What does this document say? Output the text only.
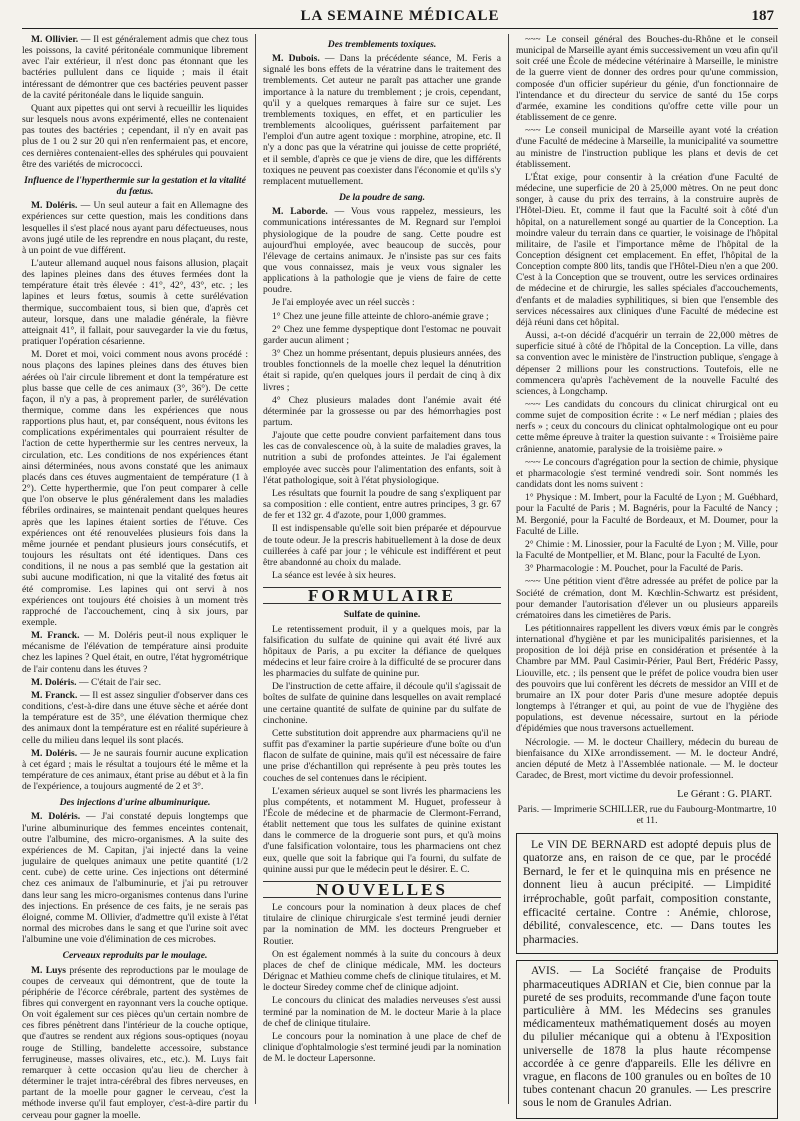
LA SEMAINE MÉDICALE	187

M. Ollivier. — Il est généralement admis que chez tous les poissons, la cavité péritonéale communique librement avec l'air extérieur, il n'est donc pas étonnant que les bactéries pullulent dans ce liquide ; mais il était intéressant de démontrer que ces bactéries peuvent passer de la cavité péritonéale dans le liquide sanguin.

Quant aux pipettes qui ont servi à recueillir les liquides sur lesquels nous avons expérimenté, elles ne contenaient pas toutes des bactéries ; cependant, il n'y en avait pas plus de 1 ou 2 sur 20 qui n'en renfermaient pas, et encore, ces dernières contenaient-elles des sphérules qui pouvaient être des variétés de micrococci.

Influence de l'hyperthermie sur la gestation et la vitalité du fœtus.

M. Doléris. — Un seul auteur a fait en Allemagne des expériences sur cette question, mais les conditions dans lesquelles il s'est placé nous ayant paru défectueuses, nous avons jugé utile de les reprendre en nous plaçant, du reste, à un point de vue différent.

L'auteur allemand auquel nous faisons allusion, plaçait des lapines pleines dans des étuves fermées dont la température était très élevée : 41°, 42°, 43°, etc. ; les lapines et leurs fœtus, soumis à cette surélévation thermique, succombaient tous, si bien que, d'après cet auteur, lorsque, dans une maladie générale, la fièvre atteignait 41°, il fallait, pour sauvegarder la vie du fœtus, pratiquer l'opération césarienne.

M. Doret et moi, voici comment nous avons procédé : nous plaçons des lapines pleines dans des étuves bien aérées où l'air circule librement et dont la température est plus basse que celle de ces animaux (3°, 36°). De cette façon, il n'y a pas, à proprement parler, de surélévation thermique, comme dans les expériences que nous rapportions plus haut, et, par conséquent, nous évitons les complications expérimentales qui pourraient résulter de l'action de cette hyperthermie sur les centres nerveux, la circulation, etc. Les conditions de nos expériences étant ainsi déterminées, nous avons constaté que les animaux placés dans ces étuves augmentaient de température (1 à 2°). Cette hyperthermie, que l'on peut comparer à celle que l'on observe le plus généralement dans les maladies fébriles ordinaires, se maintenait pendant quelques heures après que les lapines étaient sorties de l'étuve. Ces expériences ont été renouvelées plusieurs fois dans la même journée et pendant plusieurs jours consécutifs, et toujours les résultats ont été identiques. Dans ces conditions, il ne nous a pas semblé que la gestation ait subi aucune modification, ni que la vitalité des fœtus ait été compromise. Les lapines qui ont servi à nos expériences ont toujours été choisies à un moment très rapproché de l'accouchement, cinq à six jours, par exemple.

M. Franck. — M. Doléris peut-il nous expliquer le mécanisme de l'élévation de température ainsi produite chez les lapines ? Quel était, en outre, l'état hygrométrique de l'air contenu dans les étuves ?

M. Doléris. — C'était de l'air sec.

M. Franck. — Il est assez singulier d'observer dans ces conditions, c'est-à-dire dans une étuve sèche et aérée dont la température est de 35°, une élévation thermique chez des animaux dont la température est en réalité supérieure à celle du milieu dans lequel ils sont placés.

M. Doléris. — Je ne saurais fournir aucune explication à cet égard ; mais le résultat a toujours été le même et la température de ces animaux, étant prise au début et à la fin de l'expérience, a toujours augmenté de 2 et 3°.

Des injections d'urine albuminurique.

M. Doléris. — J'ai constaté depuis longtemps que l'urine albuminurique des femmes enceintes contenait, outre l'albumine, des micro-organismes. A la suite des expériences de M. Capitan, j'ai injecté dans la veine jugulaire de quelques animaux une petite quantité (1/2 cent. cube) de cette urine. Ces injections ont déterminé chez ces animaux de l'albuminurie, et j'ai pu retrouver dans leur sang les micro-organismes contenus dans l'urine des injections. En présence de ces faits, je ne serais pas éloigné, comme M. Ollivier, d'admettre qu'il existe à l'état normal des microbes dans le sang et que l'urine soit avec l'albumine une voie d'élimination de ces microbes.

Cerveaux reproduits par le moulage.

M. Luys présente des reproductions par le moulage de coupes de cerveaux qui démontrent, que de toute la périphérie de l'écorce cérébrale, partent des systèmes de fibres qui convergent en rayonnant vers la couche optique. On voit également sur ces pièces qu'un certain nombre de ces fibres pénètrent dans l'intérieur de la couche optique, que d'autres se rendent aux régions sous-optiques (noyau rouge de Stilling, bandelette accessoire, substance ferrugineuse, masses olivaires, etc., etc.). M. Luys fait remarquer à cette occasion qu'au lieu de chercher à déterminer le trajet intra-cérébral des fibres nerveuses, en partant de la moelle pour gagner le cerveau, c'est la méthode inverse qu'il faut employer, c'est-à-dire partir du cerveau pour gagner la moelle.

Des tremblements toxiques.

M. Dubois. — Dans la précédente séance, M. Feris a signalé les bons effets de la vératrine dans le traitement des tremblements. Cet auteur ne paraît pas attacher une grande importance à la nature du tremblement ; je crois, cependant, qu'il y a quelques remarques à faire sur ce sujet. Les tremblements toxiques, en effet, et en particulier les tremblements alcooliques, guérissent parfaitement par l'emploi d'un autre agent toxique : morphine, atropine, etc. Il n'y a donc pas que la vératrine qui jouisse de cette propriété, et il semble, d'après ce que je viens de dire, que les différents toxiques ne peuvent pas coexister dans l'économie et qu'ils s'y remplacent mutuellement.

De la poudre de sang.

M. Laborde. — Vous vous rappelez, messieurs, les communications intéressantes de M. Regnard sur l'emploi physiologique de la poudre de sang. Cette poudre est aujourd'hui employée, avec beaucoup de succès, pour l'élevage de certains animaux. Je n'insiste pas sur ces faits que vous connaissez, mais je veux vous signaler les applications à la pathologie que je viens de faire de cette poudre.

Je l'ai employée avec un réel succès :

1° Chez une jeune fille atteinte de chloro-anémie grave ;

2° Chez une femme dyspeptique dont l'estomac ne pouvait garder aucun aliment ;

3° Chez un homme présentant, depuis plusieurs années, des troubles fonctionnels de la moelle chez lequel la dénutrition était si rapide, qu'en quelques jours il perdait de cinq à dix livres ;

4° Chez plusieurs malades dont l'anémie avait été déterminée par la grossesse ou par des hémorrhagies post partum.

J'ajoute que cette poudre convient parfaitement dans tous les cas de convalescence où, à la suite de maladies graves, la nutrition a subi de profondes atteintes. Je l'ai également employée avec succès pour l'alimentation des enfants, soit à l'état pathologique, soit à l'état physiologique.

Les résultats que fournit la poudre de sang s'expliquent par sa composition : elle contient, entre autres principes, 3 gr. 67 de fer et 132 gr. 4 d'azote, pour 1,000 grammes.

Il est indispensable qu'elle soit bien préparée et dépourvue de toute odeur. Je la prescris habituellement à la dose de deux cuillerées à café par jour ; le véhicule est indifférent et peut être abandonné au choix du malade.

La séance est levée à six heures.

FORMULAIRE
Sulfate de quinine.

Le retentissement produit, il y a quelques mois, par la falsification du sulfate de quinine qui avait été livré aux hôpitaux de Paris, a pu exciter la défiance de quelques médecins et leur faire croire à la difficulté de se procurer dans les pharmacies du sulfate de quinine pur.

De l'instruction de cette affaire, il découle qu'il s'agissait de boîtes de sulfate de quinine dans lesquelles on avait remplacé une certaine quantité de sulfate de quinine par du sulfate de cinchonine.

Cette substitution doit apprendre aux pharmaciens qu'il ne suffit pas d'examiner la partie supérieure d'une boîte ou d'un flacon de sulfate de quinine, mais qu'il est nécessaire de faire une prise d'échantillon qui représente à peu près toutes les couches de sel contenues dans le récipient.

L'examen sérieux auquel se sont livrés les pharmaciens les plus compétents, et notamment M. Huguet, professeur à l'École de médecine et de pharmacie de Clermont-Ferrand, établit nettement que tous les sulfates de quinine existant dans le commerce de la droguerie sont purs, et qu'à moins d'une falsification volontaire, tous les pharmaciens ont chez eux, quelle que soit la fabrique qui l'a fourni, du sulfate de quinine aussi pur que le médecin peut le désirer. E. C.

NOUVELLES

Le concours pour la nomination à deux places de chef titulaire de clinique chirurgicale s'est terminé jeudi dernier par la nomination de MM. les docteurs Prengrueber et Routier.

On est également nommés à la suite du concours à deux places de chef de clinique médicale, MM. les docteurs Dérignac et Mathieu comme chefs de clinique titulaires, et M. le docteur Siredey comme chef de clinique adjoint.

Le concours du clinicat des maladies nerveuses s'est aussi terminé par la nomination de M. le docteur Marie à la place de chef de clinique titulaire.

Le concours pour la nomination à une place de chef de clinique d'ophtalmologie s'est terminé jeudi par la nomination de M. le docteur Lapersonne.

~~~ Le conseil général des Bouches-du-Rhône et le conseil municipal de Marseille ayant émis successivement un vœu afin qu'il soit créé une École de médecine vétérinaire à Marseille, le ministre de la guerre vient de donner des ordres pour qu'une commission, composée d'un officier supérieur du génie, d'un fonctionnaire de l'intendance et du directeur du service de santé du 15e corps d'armée, examine les conditions qu'offre cette ville pour un établissement de ce genre.

~~~ Le conseil municipal de Marseille ayant voté la création d'une Faculté de médecine à Marseille, la municipalité va soumettre au ministre de l'instruction publique les plans et devis de cet établissement.

L'État exige, pour consentir à la création d'une Faculté de médecine, une superficie de 20 à 25,000 mètres. On ne peut donc songer, à cause du prix des terrains, à la construire auprès de l'Hôtel-Dieu. Et, comme il faut que la Faculté soit à côté d'un hôpital, on a naturellement songé au quartier de la Conception. La moindre valeur du terrain dans ce quartier, le voisinage de l'hôpital militaire, de l'asile et l'importance même de l'hôpital de la Conception désignent cet emplacement. En effet, l'hôpital de la Conception compte 800 lits, tandis que l'Hôtel-Dieu n'en a que 200. C'est à la Conception que se trouvent, outre les services ordinaires de médecine et de chirurgie, les salles spéciales d'accouchements, d'enfants et de maladies syphilitiques, si bien que l'ensemble des services nécessaires aux cliniques d'une Faculté de médecine est déjà réuni dans cet hôpital.

Aussi, a-t-on décidé d'acquérir un terrain de 22,000 mètres de superficie situé à côté de l'hôpital de la Conception. La ville, dans sa convention avec le ministère de l'instruction publique, s'engage à dépenser 2 millions pour les constructions. Toutefois, elle ne commencera qu'après l'achèvement de la nouvelle Faculté des sciences, à Longchamp.

~~~ Les candidats du concours du clinicat chirurgical ont eu comme sujet de composition écrite : « Le nerf médian ; plaies des nerfs » ; ceux du concours du clinicat ophtalmologique ont eu pour cette même épreuve à traiter la question suivante : « Troisième paire crânienne, anatomie, paralysie de la troisième paire. »

~~~ Le concours d'agrégation pour la section de chimie, physique et pharmacologie s'est terminé vendredi soir. Sont nommés les candidats dont les noms suivent :

1° Physique : M. Imbert, pour la Faculté de Lyon ; M. Guébhard, pour la Faculté de Paris ; M. Bagnéris, pour la Faculté de Nancy ; M. Bergonié, pour la Faculté de Bordeaux, et M. Doumer, pour la Faculté de Lille.

2° Chimie : M. Linossier, pour la Faculté de Lyon ; M. Ville, pour la Faculté de Montpellier, et M. Blanc, pour la Faculté de Lyon.

3° Pharmacologie : M. Pouchet, pour la Faculté de Paris.

~~~ Une pétition vient d'être adressée au préfet de police par la Société de crémation, dont M. Kœchlin-Schwartz est président, pour demander l'autorisation d'élever un ou plusieurs appareils crématoires dans les cimetières de Paris.

Les pétitionnaires rappellent les divers vœux émis par le congrès international d'hygiène et par les municipalités parisiennes, et la proposition de loi déjà prise en considération et présentée à la Chambre par MM. Paul Casimir-Périer, Paul Bert, Frédéric Passy, Liouville, etc. ; ils pensent que le préfet de police voudra bien user des pouvoirs que lui confèrent les décrets de messidor an VIII et de brumaire an IX pour doter Paris d'une mesure adoptée depuis longtemps à l'étranger et qui, au point de vue de l'hygiène des populations, est devenue nécessaire, surtout en la période d'épidémies que nous traversons actuellement.

Nécrologie. — M. le docteur Chaillery, médecin du bureau de bienfaisance du XIXe arrondissement. — M. le docteur André, ancien député de Metz à l'Assemblée nationale. — M. le docteur Caradec, de Brest, mort victime du devoir professionnel.

Le Gérant : G. PIART.
Paris. — Imprimerie SCHILLER, rue du Faubourg-Montmartre, 10 et 11.

Le VIN DE BERNARD est adopté depuis plus de quatorze ans, en raison de ce que, par le procédé Bernard, le fer et le quinquina mis en présence ne donnent lieu à aucun précipité. — Limpidité irréprochable, goût parfait, composition constante, efficacité certaine. Contre : Anémie, chlorose, débilité, convalescence, etc. — Dans toutes les pharmacies.

AVIS. — La Société française de Produits pharmaceutiques ADRIAN et Cie, bien connue par la pureté de ses produits, recommande d'une façon toute particulière à MM. les Médecins ses granules médicamenteux mathématiquement dosés au moyen du pilulier mécanique qui a obtenu à l'Exposition universelle de 1878 la plus haute récompense accordée à ce genre d'appareils. Elle les délivre en vrague, en flacons de 100 granules ou en boîtes de 10 tubes contenant chacun 20 granules. — Les prescrire sous le nom de Granules Adrian.
